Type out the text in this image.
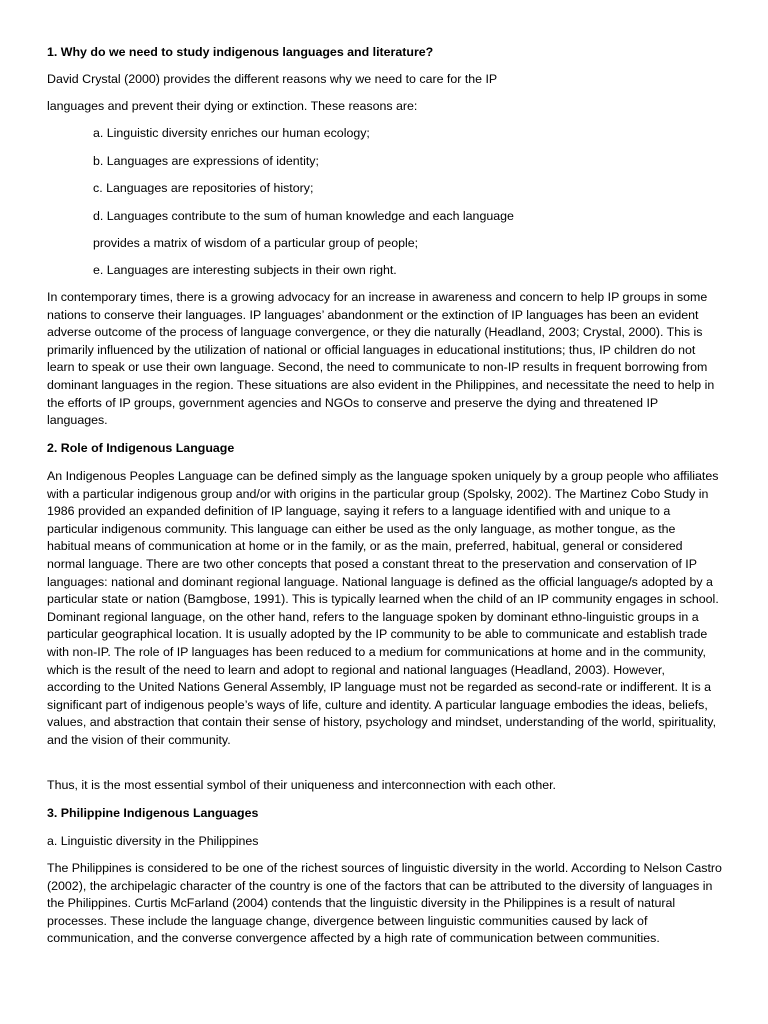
1. Why do we need to study indigenous languages and literature?
David Crystal (2000) provides the different reasons why we need to care for the IP
languages and prevent their dying or extinction. These reasons are:
a. Linguistic diversity enriches our human ecology;
b. Languages are expressions of identity;
c. Languages are repositories of history;
d. Languages contribute to the sum of human knowledge and each language
provides a matrix of wisdom of a particular group of people;
e. Languages are interesting subjects in their own right.
In contemporary times, there is a growing advocacy for an increase in awareness and concern to help IP groups in some nations to conserve their languages. IP languages’ abandonment or the extinction of IP languages has been an evident adverse outcome of the process of language convergence, or they die naturally (Headland, 2003; Crystal, 2000). This is primarily influenced by the utilization of national or official languages in educational institutions; thus, IP children do not learn to speak or use their own language. Second, the need to communicate to non-IP results in frequent borrowing from dominant languages in the region. These situations are also evident in the Philippines, and necessitate the need to help in the efforts of IP groups, government agencies and NGOs to conserve and preserve the dying and threatened IP languages.
2. Role of Indigenous Language
An Indigenous Peoples Language can be defined simply as the language spoken uniquely by a group people who affiliates with a particular indigenous group and/or with origins in the particular group (Spolsky, 2002). The Martinez Cobo Study in 1986 provided an expanded definition of IP language, saying it refers to a language identified with and unique to a particular indigenous community. This language can either be used as the only language, as mother tongue, as the habitual means of communication at home or in the family, or as the main, preferred, habitual, general or considered normal language. There are two other concepts that posed a constant threat to the preservation and conservation of IP languages: national and dominant regional language. National language is defined as the official language/s adopted by a particular state or nation (Bamgbose, 1991). This is typically learned when the child of an IP community engages in school. Dominant regional language, on the other hand, refers to the language spoken by dominant ethno-linguistic groups in a particular geographical location. It is usually adopted by the IP community to be able to communicate and establish trade with non-IP. The role of IP languages has been reduced to a medium for communications at home and in the community, which is the result of the need to learn and adopt to regional and national languages (Headland, 2003). However, according to the United Nations General Assembly, IP language must not be regarded as second-rate or indifferent. It is a significant part of indigenous people’s ways of life, culture and identity. A particular language embodies the ideas, beliefs, values, and abstraction that contain their sense of history, psychology and mindset, understanding of the world, spirituality, and the vision of their community.
Thus, it is the most essential symbol of their uniqueness and interconnection with each other.
3. Philippine Indigenous Languages
a. Linguistic diversity in the Philippines
The Philippines is considered to be one of the richest sources of linguistic diversity in the world. According to Nelson Castro (2002), the archipelagic character of the country is one of the factors that can be attributed to the diversity of languages in the Philippines. Curtis McFarland (2004) contends that the linguistic diversity in the Philippines is a result of natural processes. These include the language change, divergence between linguistic communities caused by lack of communication, and the converse convergence affected by a high rate of communication between communities.
